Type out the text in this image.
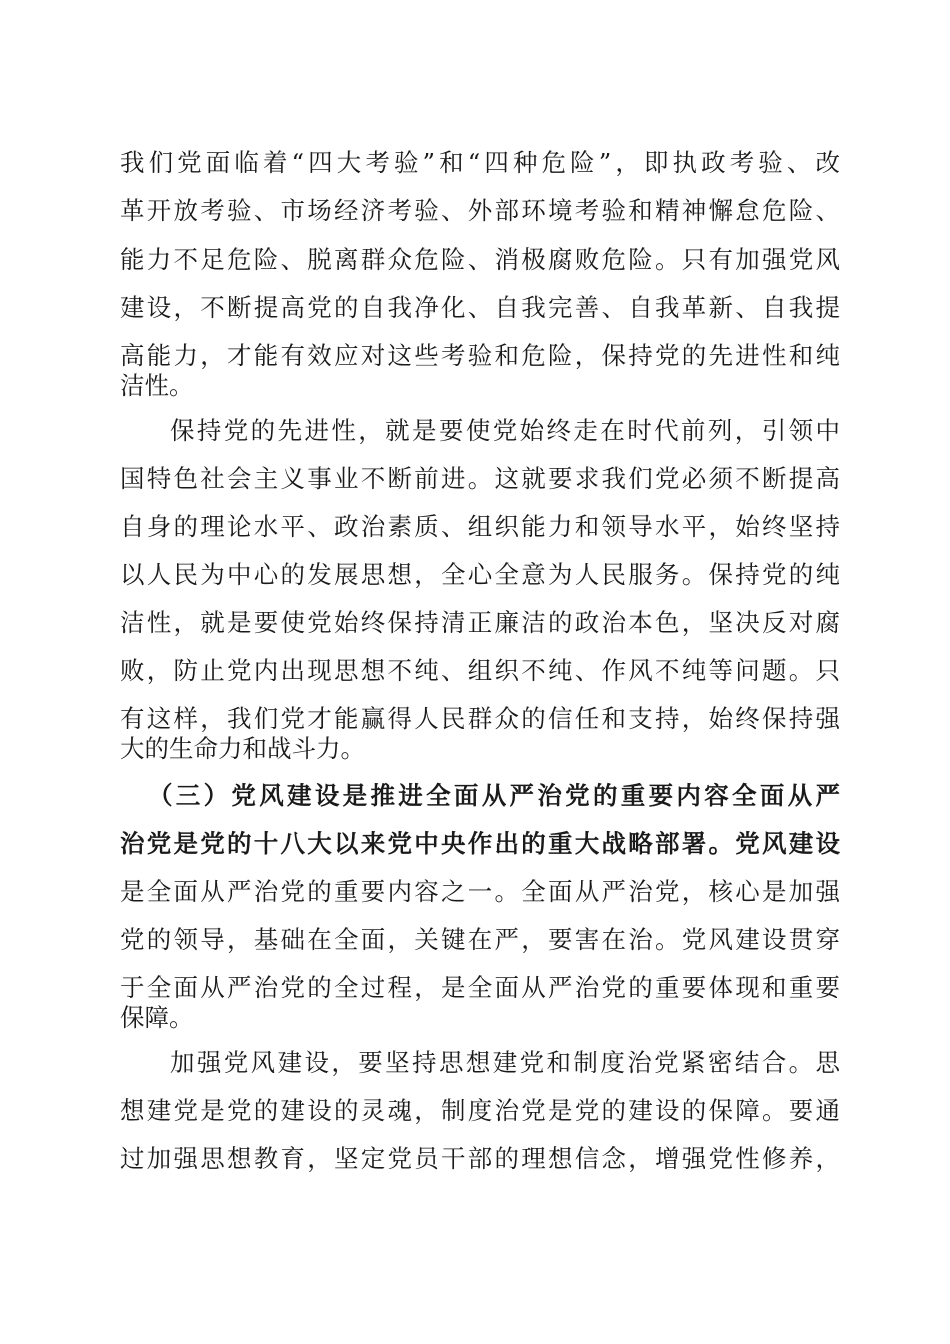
我们党面临着“四大考验”和“四种危险”，即执政考验、改
革开放考验、市场经济考验、外部环境考验和精神懈怠危险、
能力不足危险、脱离群众危险、消极腐败危险。只有加强党风
建设，不断提高党的自我净化、自我完善、自我革新、自我提
高能力，才能有效应对这些考验和危险，保持党的先进性和纯
洁性。
保持党的先进性，就是要使党始终走在时代前列，引领中
国特色社会主义事业不断前进。这就要求我们党必须不断提高
自身的理论水平、政治素质、组织能力和领导水平，始终坚持
以人民为中心的发展思想，全心全意为人民服务。保持党的纯
洁性，就是要使党始终保持清正廉洁的政治本色，坚决反对腐
败，防止党内出现思想不纯、组织不纯、作风不纯等问题。只
有这样，我们党才能赢得人民群众的信任和支持，始终保持强
大的生命力和战斗力。
（三）党风建设是推进全面从严治党的重要内容全面从严
治党是党的十八大以来党中央作出的重大战略部署。党风建设
是全面从严治党的重要内容之一。全面从严治党，核心是加强
党的领导，基础在全面，关键在严，要害在治。党风建设贯穿
于全面从严治党的全过程，是全面从严治党的重要体现和重要
保障。
加强党风建设，要坚持思想建党和制度治党紧密结合。思
想建党是党的建设的灵魂，制度治党是党的建设的保障。要通
过加强思想教育，坚定党员干部的理想信念，增强党性修养，
